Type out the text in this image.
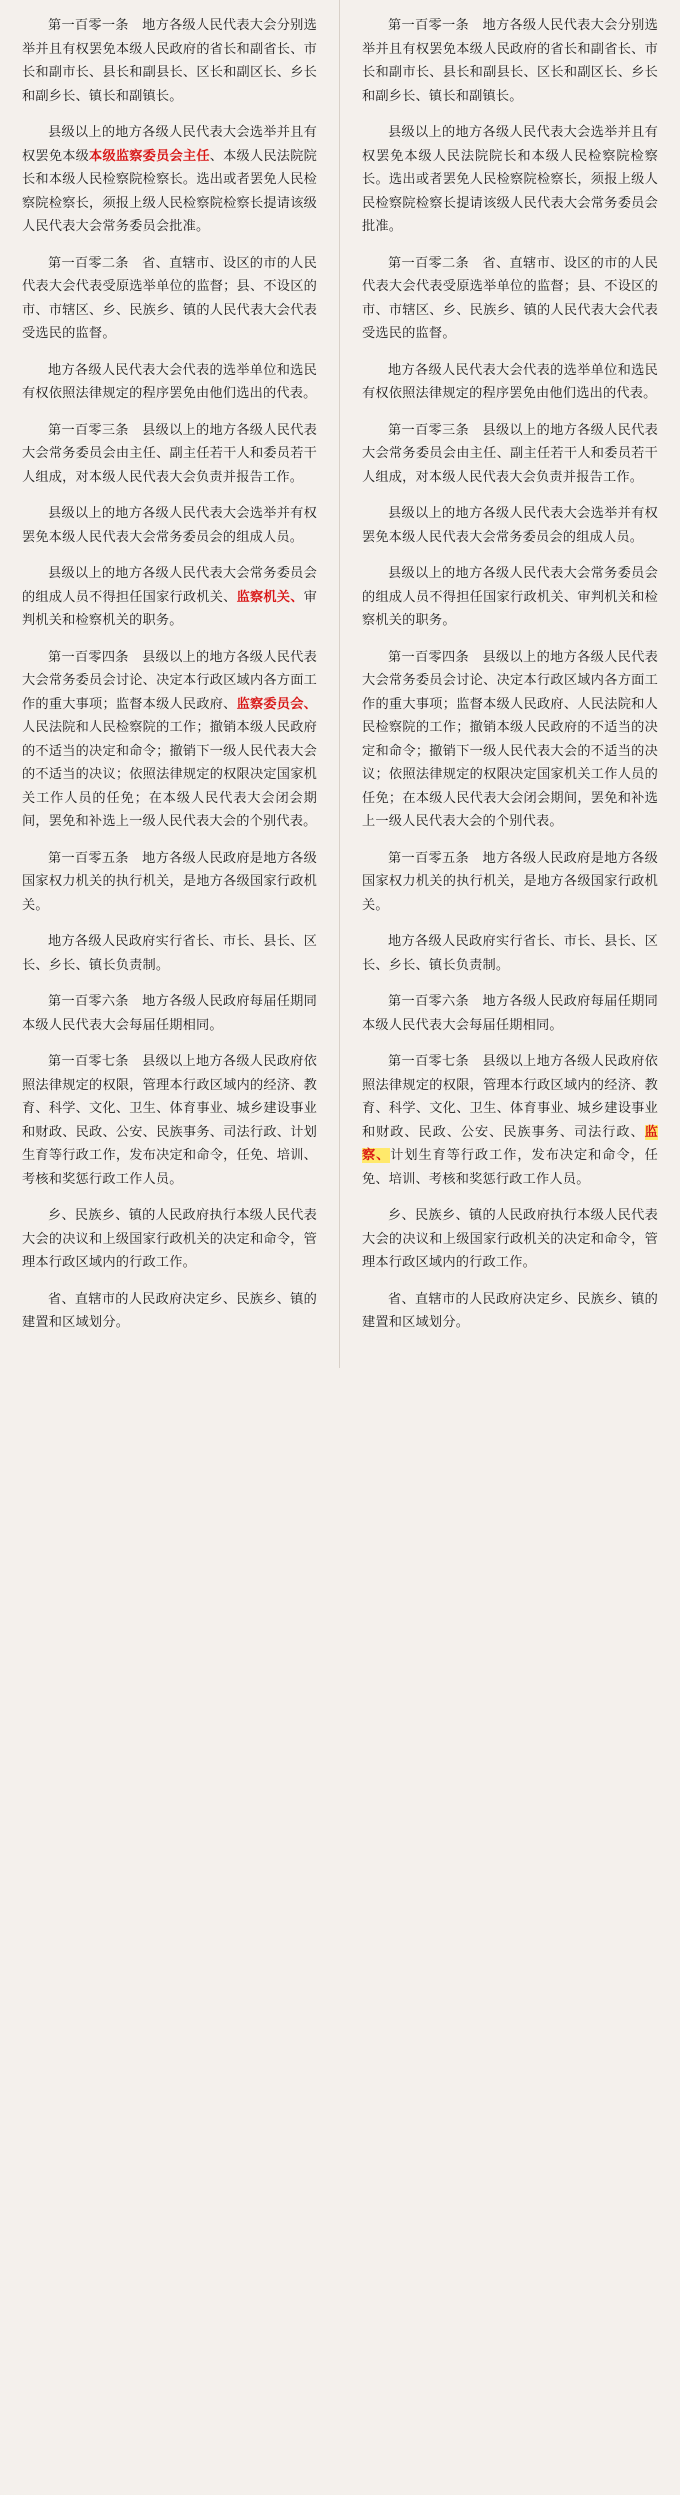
第一百零一条　地方各级人民代表大会分别选举并且有权罢免本级人民政府的省长和副省长、市长和副市长、县长和副县长、区长和副区长、乡长和副乡长、镇长和副镇长。
县级以上的地方各级人民代表大会选举并且有权罢免本级本级监察委员会主任、本级人民法院院长和本级人民检察院检察长。选出或者罢免人民检察院检察长，须报上级人民检察院检察长提请该级人民代表大会常务委员会批准。
第一百零二条　省、直辖市、设区的市的人民代表大会代表受原选举单位的监督；县、不设区的市、市辖区、乡、民族乡、镇的人民代表大会代表受选民的监督。
地方各级人民代表大会代表的选举单位和选民有权依照法律规定的程序罢免由他们选出的代表。
第一百零三条　县级以上的地方各级人民代表大会常务委员会由主任、副主任若干人和委员若干人组成，对本级人民代表大会负责并报告工作。
县级以上的地方各级人民代表大会选举并有权罢免本级人民代表大会常务委员会的组成人员。
县级以上的地方各级人民代表大会常务委员会的组成人员不得担任国家行政机关、监察机关、审判机关和检察机关的职务。
第一百零四条　县级以上的地方各级人民代表大会常务委员会讨论、决定本行政区域内各方面工作的重大事项；监督本级人民政府、监察委员会、人民法院和人民检察院的工作；撤销本级人民政府的不适当的决定和命令；撤销下一级人民代表大会的不适当的决议；依照法律规定的权限决定国家机关工作人员的任免；在本级人民代表大会闭会期间，罢免和补选上一级人民代表大会的个别代表。
第一百零五条　地方各级人民政府是地方各级国家权力机关的执行机关，是地方各级国家行政机关。
地方各级人民政府实行省长、市长、县长、区长、乡长、镇长负责制。
第一百零六条　地方各级人民政府每届任期同本级人民代表大会每届任期相同。
第一百零七条　县级以上地方各级人民政府依照法律规定的权限，管理本行政区域内的经济、教育、科学、文化、卫生、体育事业、城乡建设事业和财政、民政、公安、民族事务、司法行政、计划生育等行政工作，发布决定和命令，任免、培训、考核和奖惩行政工作人员。
乡、民族乡、镇的人民政府执行本级人民代表大会的决议和上级国家行政机关的决定和命令，管理本行政区域内的行政工作。
省、直辖市的人民政府决定乡、民族乡、镇的建置和区域划分。
第一百零一条　地方各级人民代表大会分别选举并且有权罢免本级人民政府的省长和副省长、市长和副市长、县长和副县长、区长和副区长、乡长和副乡长、镇长和副镇长。
县级以上的地方各级人民代表大会选举并且有权罢免本级人民法院院长和本级人民检察院检察长。选出或者罢免人民检察院检察长，须报上级人民检察院检察长提请该级人民代表大会常务委员会批准。
第一百零二条　省、直辖市、设区的市的人民代表大会代表受原选举单位的监督；县、不设区的市、市辖区、乡、民族乡、镇的人民代表大会代表受选民的监督。
地方各级人民代表大会代表的选举单位和选民有权依照法律规定的程序罢免由他们选出的代表。
第一百零三条　县级以上的地方各级人民代表大会常务委员会由主任、副主任若干人和委员若干人组成，对本级人民代表大会负责并报告工作。
县级以上的地方各级人民代表大会选举并有权罢免本级人民代表大会常务委员会的组成人员。
县级以上的地方各级人民代表大会常务委员会的组成人员不得担任国家行政机关、审判机关和检察机关的职务。
第一百零四条　县级以上的地方各级人民代表大会常务委员会讨论、决定本行政区域内各方面工作的重大事项；监督本级人民政府、人民法院和人民检察院的工作；撤销本级人民政府的不适当的决定和命令；撤销下一级人民代表大会的不适当的决议；依照法律规定的权限决定国家机关工作人员的任免；在本级人民代表大会闭会期间，罢免和补选上一级人民代表大会的个别代表。
第一百零五条　地方各级人民政府是地方各级国家权力机关的执行机关，是地方各级国家行政机关。
地方各级人民政府实行省长、市长、县长、区长、乡长、镇长负责制。
第一百零六条　地方各级人民政府每届任期同本级人民代表大会每届任期相同。
第一百零七条　县级以上地方各级人民政府依照法律规定的权限，管理本行政区域内的经济、教育、科学、文化、卫生、体育事业、城乡建设事业和财政、民政、公安、民族事务、司法行政、监察、计划生育等行政工作，发布决定和命令，任免、培训、考核和奖惩行政工作人员。
乡、民族乡、镇的人民政府执行本级人民代表大会的决议和上级国家行政机关的决定和命令，管理本行政区域内的行政工作。
省、直辖市的人民政府决定乡、民族乡、镇的建置和区域划分。
